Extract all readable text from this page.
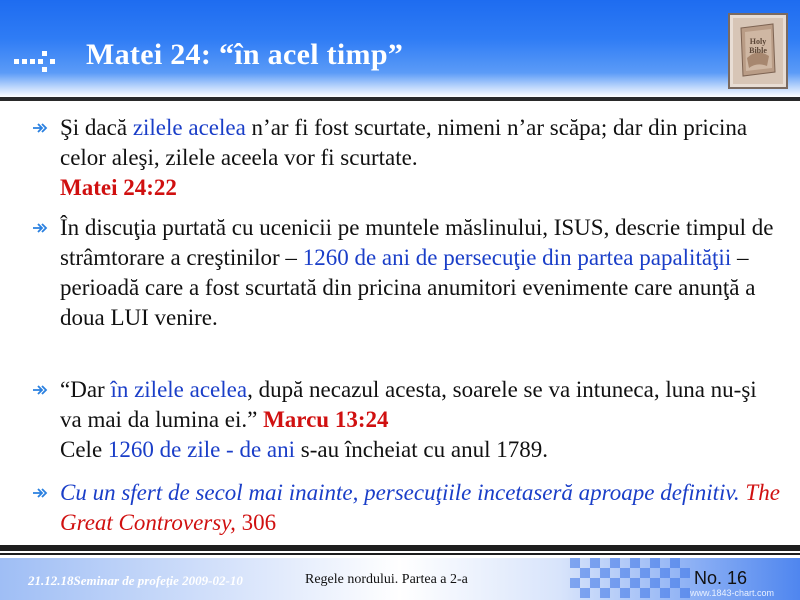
Matei 24: “în acel timp”	Holy
Bible
Şi dacă zilele acelea n’ar fi fost scurtate, nimeni n’ar scăpa; dar din pricina celor aleşi, zilele aceela vor fi scurtate.
Matei 24:22
În discuţia purtată cu ucenicii pe muntele măslinului, ISUS, descrie timpul de strâmtorare a creştinilor – 1260 de ani de persecuţie din partea papalităţii –perioadă care a fost scurtată din pricina anumitori evenimente care anunţă a doua LUI venire.
“Dar în zilele acelea, după necazul acesta, soarele se va intuneca, luna nu-şi va mai da lumina ei.” Marcu 13:24
Cele 1260 de zile - de ani s-au încheiat cu anul 1789.
Cu un sfert de secol mai inainte, persecuţiile incetaseră aproape definitiv. The Great Controversy, 306
21.12.18Seminar de profeţie 2009-02-10	Regele nordului. Partea a 2-a	No. 16
www.1843-chart.com
